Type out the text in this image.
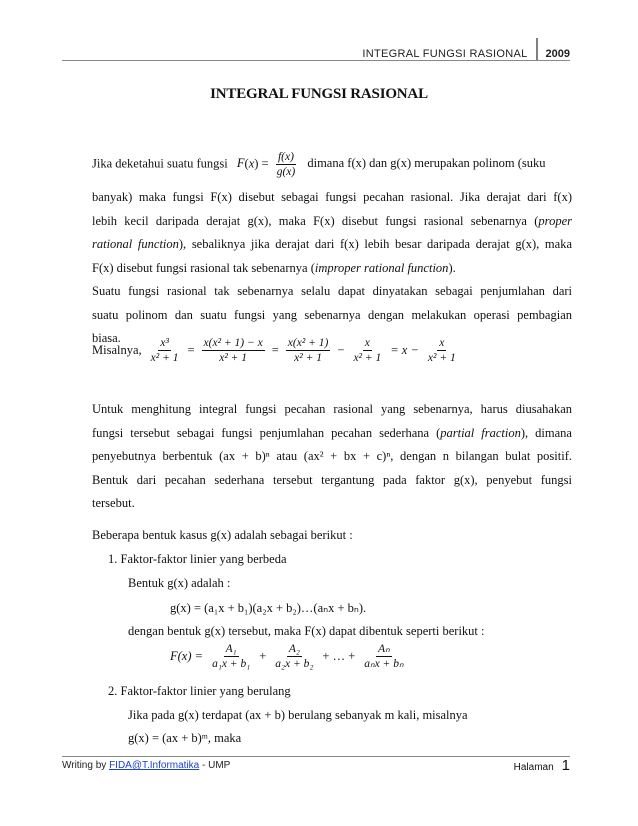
INTEGRAL FUNGSI RASIONAL	2009
INTEGRAL FUNGSI RASIONAL
Jika deketahui suatu fungsi $F(x) = \frac{f(x)}{g(x)}$ dimana f(x) dan g(x) merupakan polinom (suku
banyak) maka fungsi F(x) disebut sebagai fungsi pecahan rasional. Jika derajat dari f(x)
lebih kecil daripada derajat g(x), maka F(x) disebut fungsi rasional sebenarnya (proper
rational function), sebaliknya jika derajat dari f(x) lebih besar daripada derajat g(x), maka
F(x) disebut fungsi rasional tak sebenarnya (improper rational function).
Suatu fungsi rasional tak sebenarnya selalu dapat dinyatakan sebagai penjumlahan dari
suatu polinom dan suatu fungsi yang sebenarnya dengan melakukan operasi pembagian
biasa.
Misalnya, $\frac{\text{x³}}{\text{x² + 1}} = \frac{\text{x(x² + 1) − x}}{\text{x² + 1}} = \frac{\text{x(x² + 1)}}{\text{x² + 1}} - \frac{x}{\text{x² + 1}} = x - \frac{x}{\text{x² + 1}}$
Untuk menghitung integral fungsi pecahan rasional yang sebenarnya, harus diusahakan
fungsi tersebut sebagai fungsi penjumlahan pecahan sederhana (partial fraction), dimana
penyebutnya berbentuk (ax + b)ⁿ atau (ax² + bx + c)ⁿ, dengan n bilangan bulat positif.
Bentuk dari pecahan sederhana tersebut tergantung pada faktor g(x), penyebut fungsi
tersebut.
Beberapa bentuk kasus g(x) adalah sebagai berikut :
1. Faktor-faktor linier yang berbeda
Bentuk g(x) adalah :
g(x) = (a₁x + b₁)(a₂x + b₂)…(aₙx + bₙ).
dengan bentuk g(x) tersebut, maka F(x) dapat dibentuk seperti berikut :
$F(x) = \frac{\text{A₁}}{\text{a₁x + b₁}} + \frac{\text{A₂}}{\text{a₂x + b₂}}$ + … + $\frac{\text{Aₙ}}{\text{aₙx + bₙ}}$
2. Faktor-faktor linier yang berulang
Jika pada g(x) terdapat (ax + b) berulang sebanyak m kali, misalnya
g(x) = (ax + b)ᵐ, maka
Writing by FIDA@T.Informatika - UMP	Halaman 1
